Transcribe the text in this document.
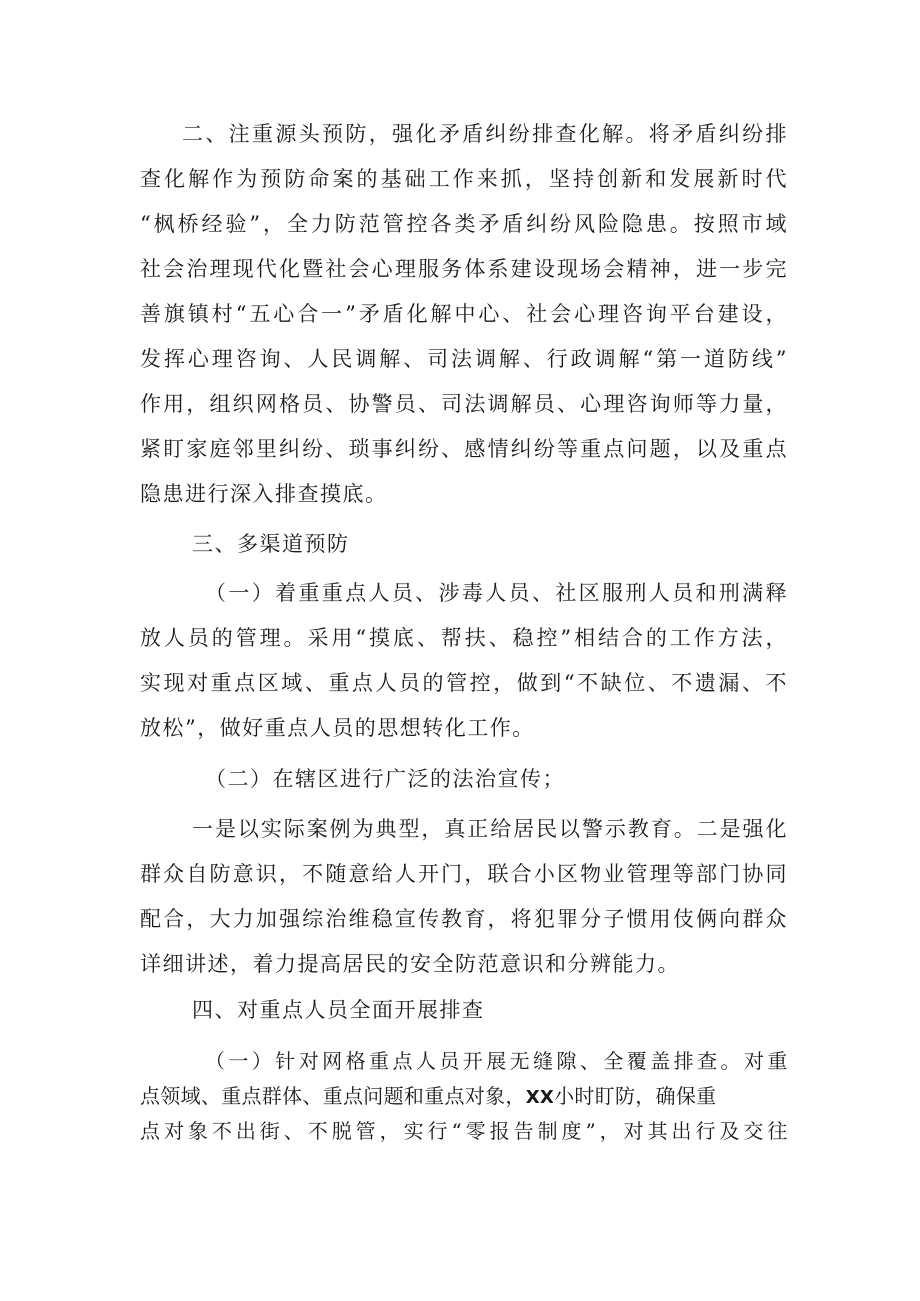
二、注重源头预防，强化矛盾纠纷排查化解。将矛盾纠纷排

查化解作为预防命案的基础工作来抓，坚持创新和发展新时代

“枫桥经验”，全力防范管控各类矛盾纠纷风险隐患。按照市域

社会治理现代化暨社会心理服务体系建设现场会精神，进一步完

善旗镇村“五心合一”矛盾化解中心、社会心理咨询平台建设，

发挥心理咨询、人民调解、司法调解、行政调解“第一道防线”

作用，组织网格员、协警员、司法调解员、心理咨询师等力量，

紧盯家庭邻里纠纷、琐事纠纷、感情纠纷等重点问题，以及重点

隐患进行深入排查摸底。

三、多渠道预防

（一）着重重点人员、涉毒人员、社区服刑人员和刑满释

放人员的管理。采用“摸底、帮扶、稳控”相结合的工作方法，

实现对重点区域、重点人员的管控，做到“不缺位、不遗漏、不

放松”，做好重点人员的思想转化工作。

（二）在辖区进行广泛的法治宣传；

一是以实际案例为典型，真正给居民以警示教育。二是强化

群众自防意识，不随意给人开门，联合小区物业管理等部门协同

配合，大力加强综治维稳宣传教育，将犯罪分子惯用伎俩向群众

详细讲述，着力提高居民的安全防范意识和分辨能力。

四、对重点人员全面开展排查

（一）针对网格重点人员开展无缝隙、全覆盖排查。对重

点领域、重点群体、重点问题和重点对象，XX小时盯防，确保重

点对象不出街、不脱管，实行“零报告制度”，对其出行及交往
